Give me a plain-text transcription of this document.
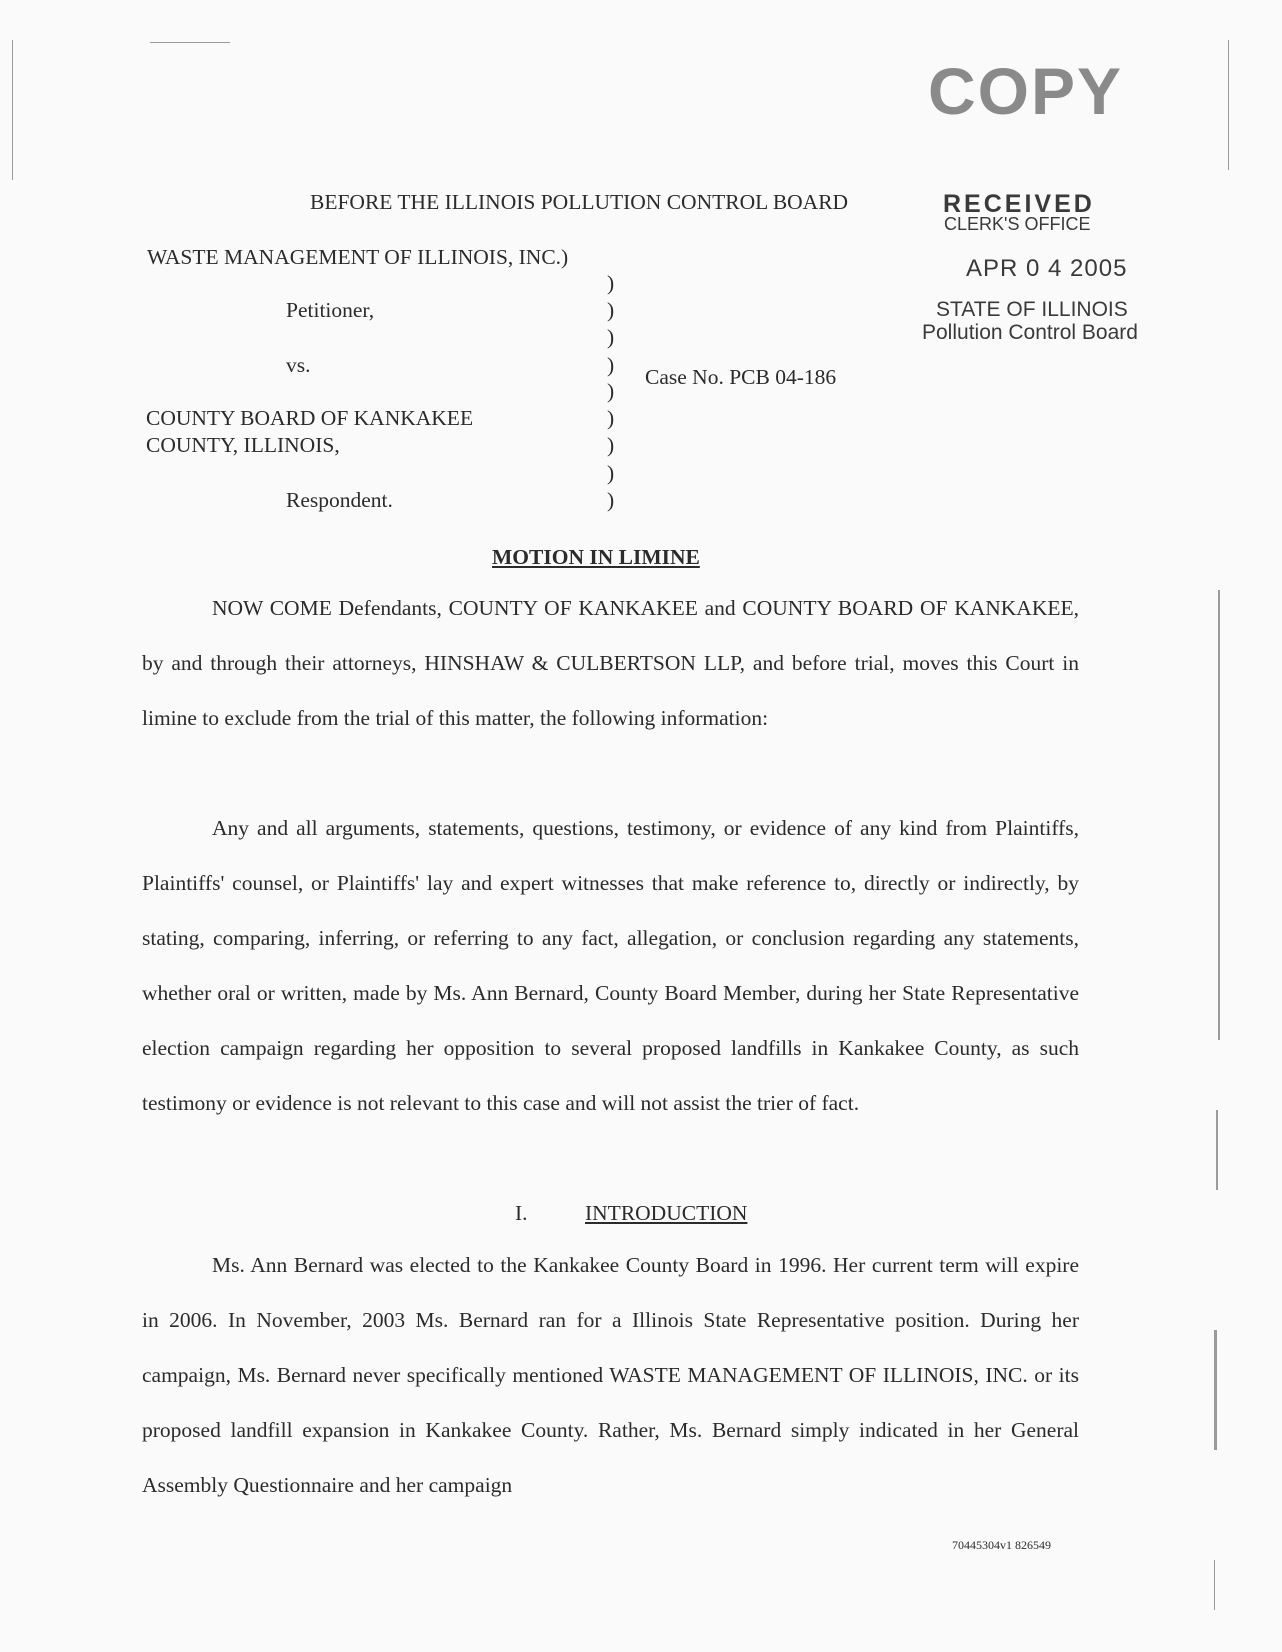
COPY
RECEIVED
CLERK'S OFFICE
APR 0 4 2005
STATE OF ILLINOIS
Pollution Control Board
BEFORE THE ILLINOIS POLLUTION CONTROL BOARD
WASTE MANAGEMENT OF ILLINOIS, INC.)
Petitioner,
vs.
COUNTY BOARD OF KANKAKEE
COUNTY, ILLINOIS,
Respondent.
Case No. PCB 04-186
)
)
)
)
)
)
)
)
)
MOTION IN LIMINE
NOW COME Defendants, COUNTY OF KANKAKEE and COUNTY BOARD OF KANKAKEE, by and through their attorneys, HINSHAW & CULBERTSON LLP, and before trial, moves this Court in limine to exclude from the trial of this matter, the following information:
Any and all arguments, statements, questions, testimony, or evidence of any kind from Plaintiffs, Plaintiffs' counsel, or Plaintiffs' lay and expert witnesses that make reference to, directly or indirectly, by stating, comparing, inferring, or referring to any fact, allegation, or conclusion regarding any statements, whether oral or written, made by Ms. Ann Bernard, County Board Member, during her State Representative election campaign regarding her opposition to several proposed landfills in Kankakee County, as such testimony or evidence is not relevant to this case and will not assist the trier of fact.
I.	INTRODUCTION
Ms. Ann Bernard was elected to the Kankakee County Board in 1996. Her current term will expire in 2006. In November, 2003 Ms. Bernard ran for a Illinois State Representative position. During her campaign, Ms. Bernard never specifically mentioned WASTE MANAGEMENT OF ILLINOIS, INC. or its proposed landfill expansion in Kankakee County. Rather, Ms. Bernard simply indicated in her General Assembly Questionnaire and her campaign
70445304v1 826549
